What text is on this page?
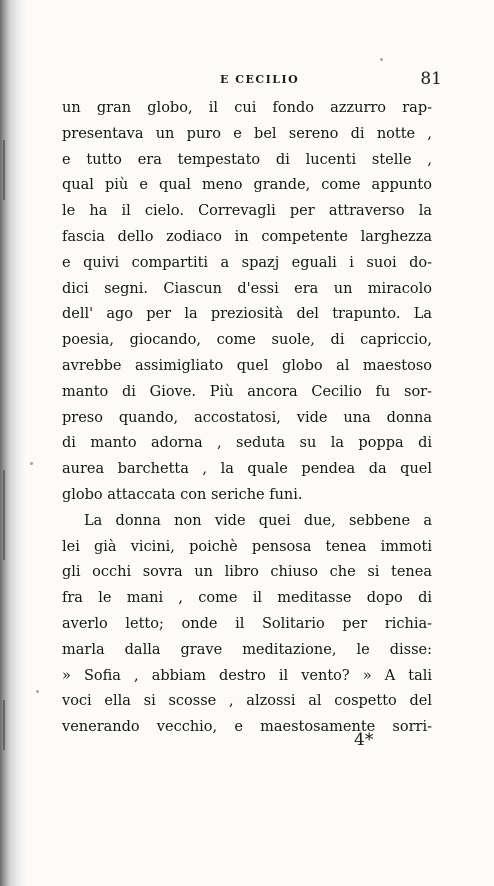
E CECILIO	81
un gran globo, il cui fondo azzurro rap-
presentava un puro e bel sereno di notte ,
e tutto era tempestato di lucenti stelle ,
qual più e qual meno grande, come appunto
le ha il cielo. Correvagli per attraverso la
fascia dello zodiaco in competente larghezza
e quivi compartiti a spazj eguali i suoi do-
dici segni. Ciascun d'essi era un miracolo
dell' ago per la preziosità del trapunto. La
poesia, giocando, come suole, di capriccio,
avrebbe assimigliato quel globo al maestoso
manto di Giove. Più ancora Cecilio fu sor-
preso quando, accostatosi, vide una donna
di manto adorna , seduta su la poppa di
aurea barchetta , la quale pendea da quel
globo attaccata con seriche funi.
La donna non vide quei due, sebbene a
lei già vicini, poichè pensosa tenea immoti
gli occhi sovra un libro chiuso che si tenea
fra le mani , come il meditasse dopo di
averlo letto; onde il Solitario per richia-
marla dalla grave meditazione, le disse:
» Sofia , abbiam destro il vento? » A tali
voci ella si scosse , alzossi al cospetto del
venerando vecchio, e maestosamente sorri-
4*
